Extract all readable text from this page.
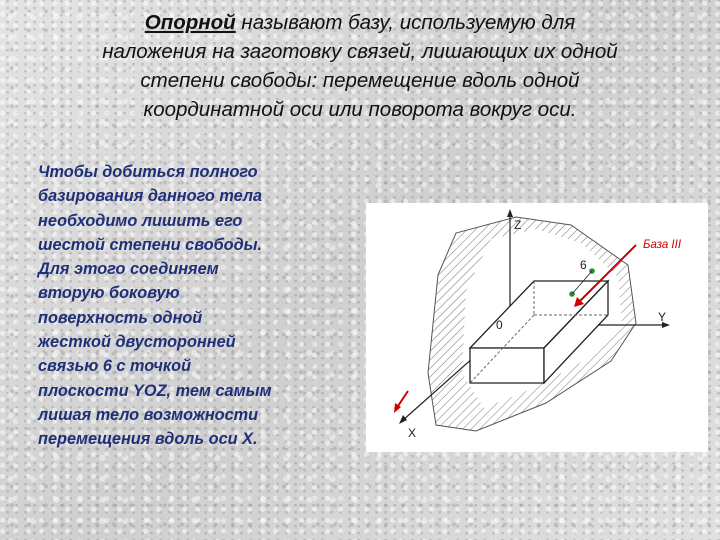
Опорной называют базу, используемую для
наложения на заготовку связей, лишающих их одной
степени свободы: перемещение вдоль одной
координатной оси или поворота вокруг оси.
Чтобы добиться полного
базирования данного тела
необходимо лишить его
шестой степени свободы.
Для этого соединяем
вторую боковую
поверхность одной
жесткой двусторонней
связью 6 с точкой
плоскости YOZ, тем самым
лишая тело возможности
перемещения вдоль оси X.
Z
Y
X
0
6
База III
